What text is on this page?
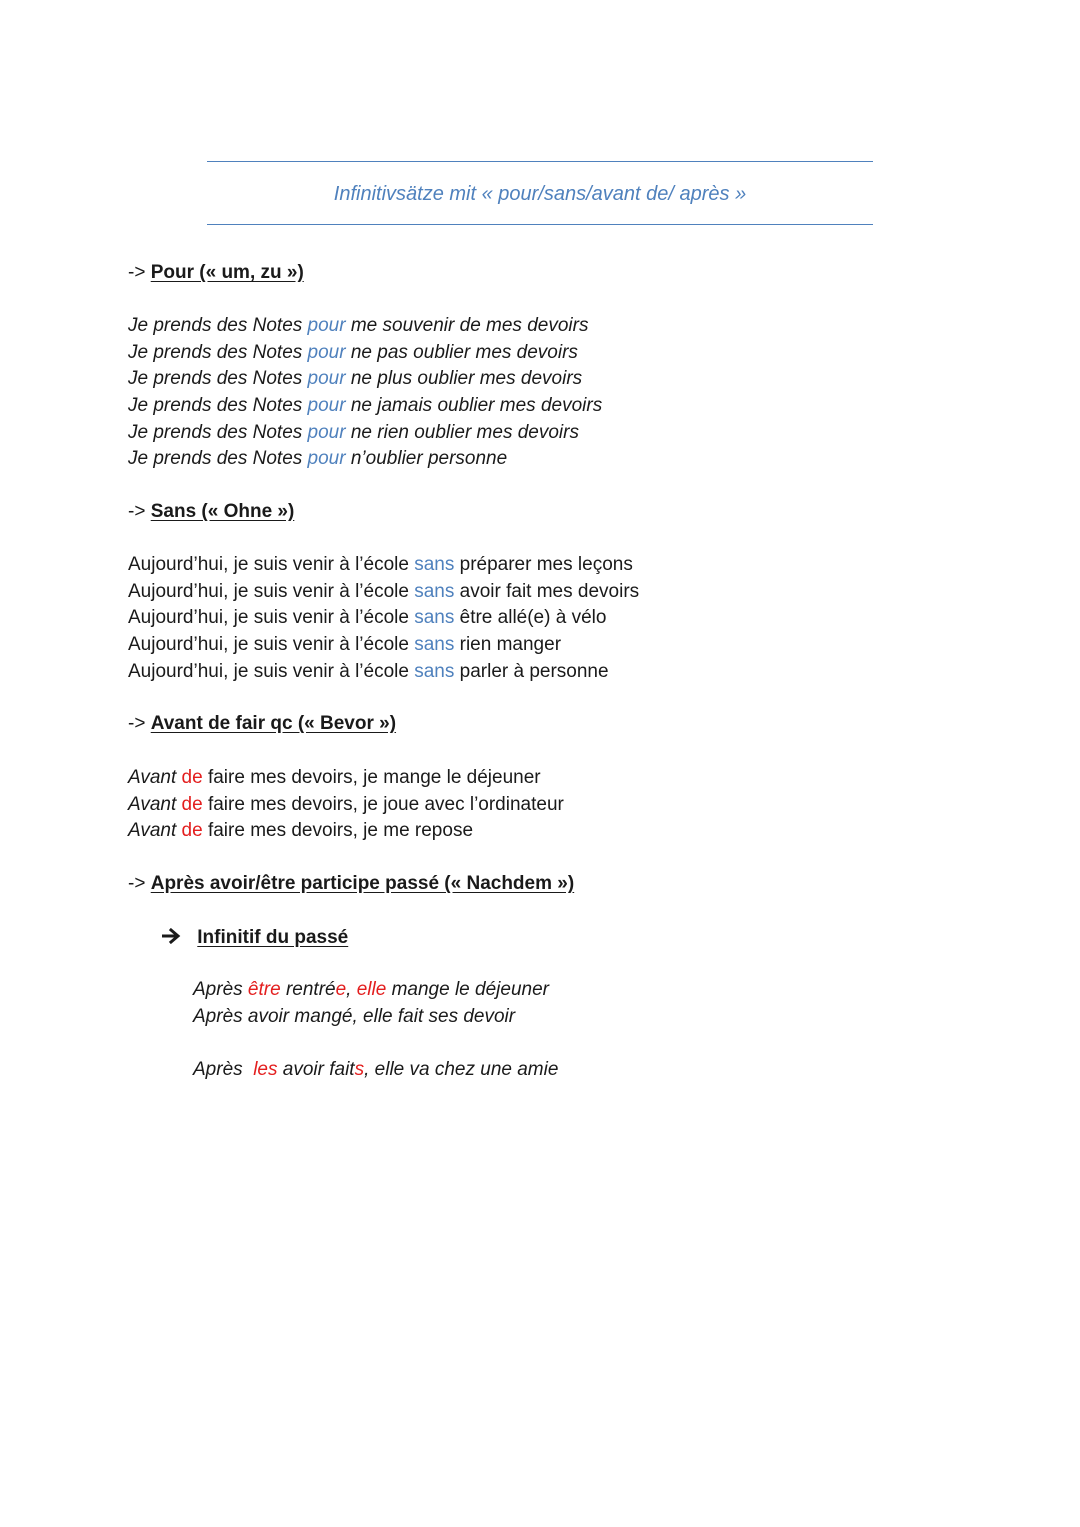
Infinitivsätze mit « pour/sans/avant de/ après »
-> Pour (« um, zu »)
Je prends des Notes pour me souvenir de mes devoirs
Je prends des Notes pour ne pas oublier mes devoirs
Je prends des Notes pour ne plus oublier mes devoirs
Je prends des Notes pour ne jamais oublier mes devoirs
Je prends des Notes pour ne rien oublier mes devoirs
Je prends des Notes pour n’oublier personne
-> Sans (« Ohne »)
Aujourd’hui, je suis venir à l’école sans préparer mes leçons
Aujourd’hui, je suis venir à l’école sans avoir fait mes devoirs
Aujourd’hui, je suis venir à l’école sans être allé(e) à vélo
Aujourd’hui, je suis venir à l’école sans rien manger
Aujourd’hui, je suis venir à l’école sans parler à personne
-> Avant de fair qc (« Bevor »)
Avant de faire mes devoirs, je mange le déjeuner
Avant de faire mes devoirs, je joue avec l’ordinateur
Avant de faire mes devoirs, je me repose
-> Après avoir/être participe passé (« Nachdem »)
Infinitif du passé
Après être rentrée, elle mange le déjeuner
Après avoir mangé, elle fait ses devoir
Après  les avoir faits, elle va chez une amie
